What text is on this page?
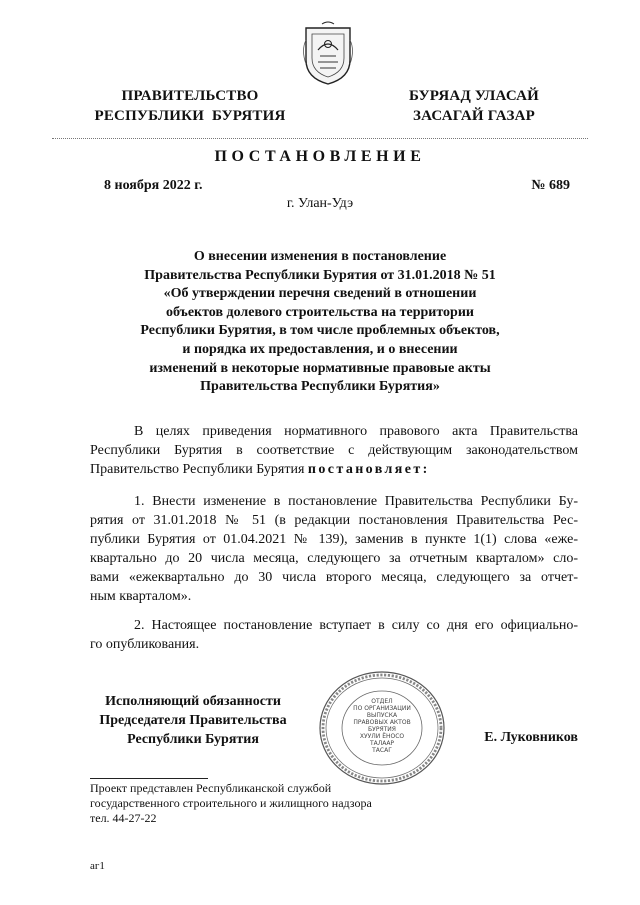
ПРАВИТЕЛЬСТВО
РЕСПУБЛИКИ  БУРЯТИЯ
БУРЯАД УЛАСАЙ
ЗАСАГАЙ ГАЗАР
ПОСТАНОВЛЕНИЕ
8 ноября 2022 г.	№ 689
г. Улан-Удэ
О внесении изменения в постановление
Правительства Республики Бурятия от 31.01.2018 № 51
«Об утверждении перечня сведений в отношении
объектов долевого строительства на территории
Республики Бурятия, в том числе проблемных объектов,
и порядка их предоставления, и о внесении
изменений в некоторые нормативные правовые акты
Правительства Республики Бурятия»
В целях приведения нормативного правового акта Правительства
Республики Бурятия в соответствие с действующим законодательством
Правительство Республики Бурятия постановляет:
1. Внести изменение в постановление Правительства Республики Бу-
рятия от 31.01.2018 № 51 (в редакции постановления Правительства Рес-
публики Бурятия от 01.04.2021 № 139), заменив в пункте 1(1) слова «еже-
квартально до 20 числа месяца, следующего за отчетным кварталом» сло-
вами «ежеквартально до 30 числа второго месяца, следующего за отчет-
ным кварталом».
2. Настоящее постановление вступает в силу со дня его официально-
го опубликования.
Исполняющий обязанности
Председателя Правительства
Республики Бурятия
ОТДЕЛ
ПО ОРГАНИЗАЦИИ
ВЫПУСКА
ПРАВОВЫХ АКТОВ
БУРЯТИЯ
ХУУЛИ ЁНОСО
ТАЛААР
ТАСАГ
Е. Луковников
Проект представлен Республиканской службой
государственного строительного и жилищного надзора
тел. 44-27-22
аг1
